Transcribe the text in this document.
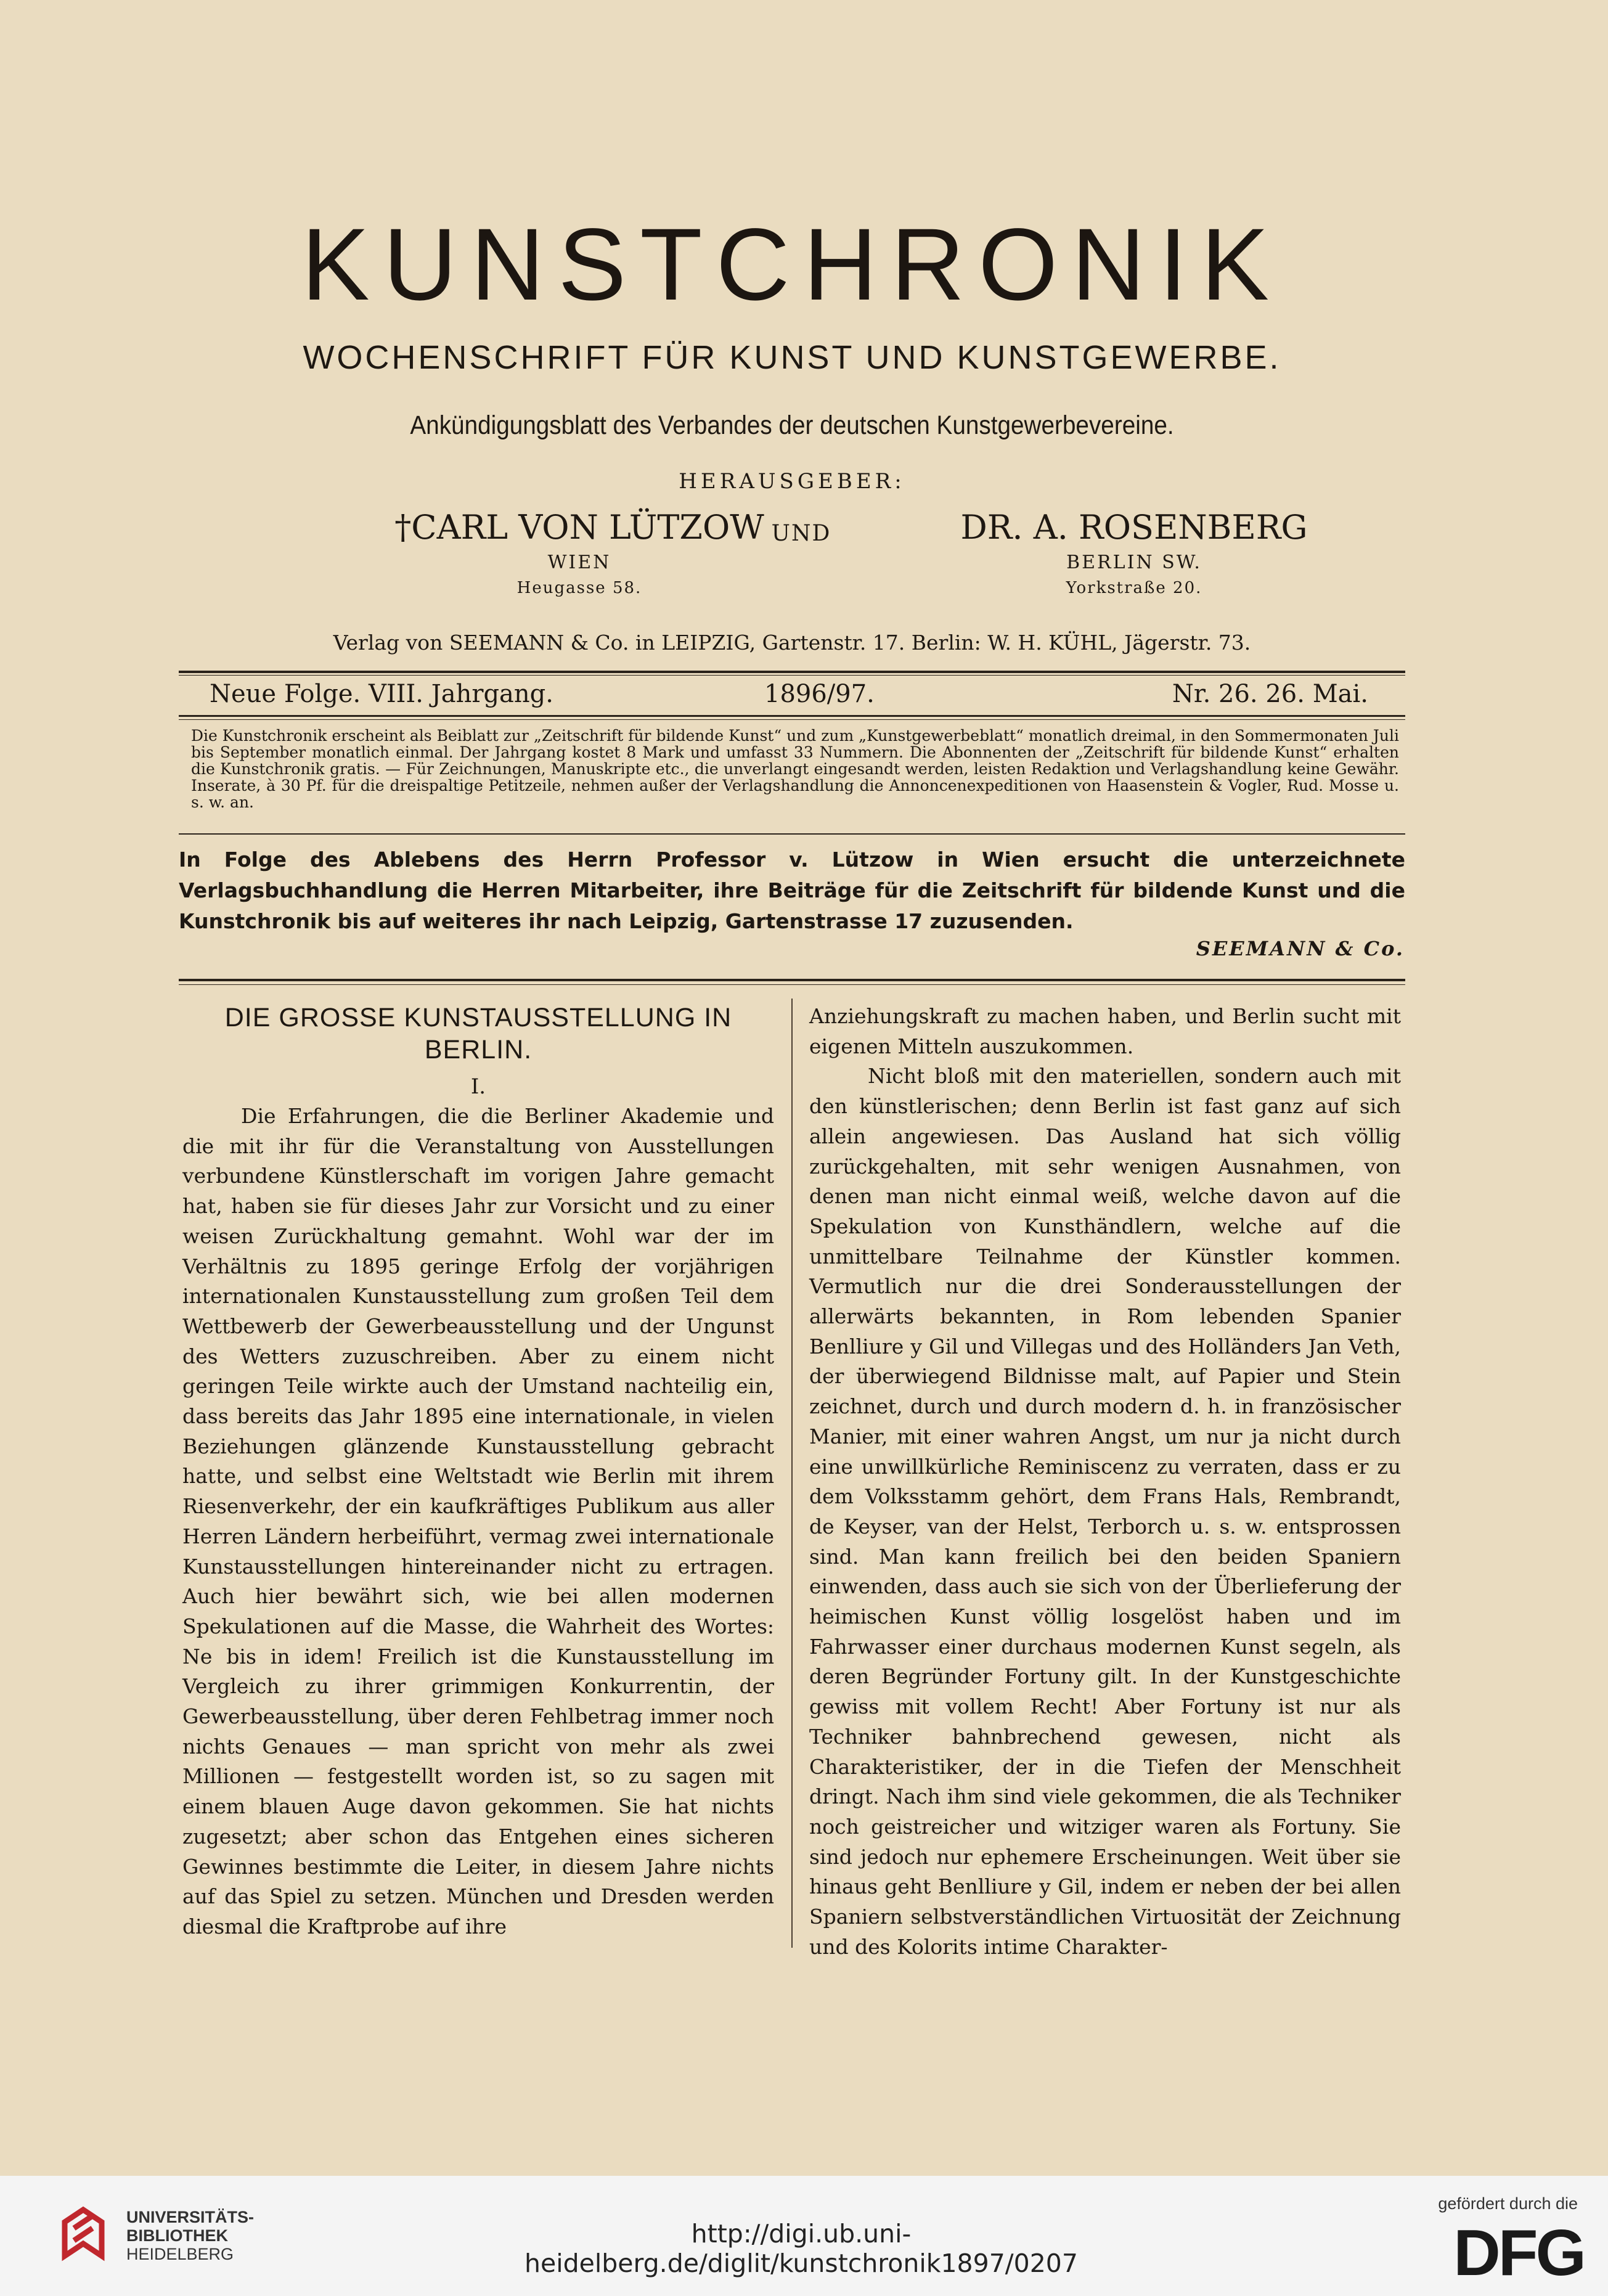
KUNSTCHRONIK
WOCHENSCHRIFT FÜR KUNST UND KUNSTGEWERBE.
Ankündigungsblatt des Verbandes der deutschen Kunstgewerbevereine.
HERAUSGEBER:
†CARL VON LÜTZOW
WIEN
Heugasse 58.
UND	DR. A. ROSENBERG
BERLIN SW.
Yorkstraße 20.
Verlag von SEEMANN & Co. in LEIPZIG, Gartenstr. 17. Berlin: W. H. KÜHL, Jägerstr. 73.
Neue Folge. VIII. Jahrgang.	1896/97.	Nr. 26. 26. Mai.
Die Kunstchronik erscheint als Beiblatt zur „Zeitschrift für bildende Kunst“ und zum „Kunstgewerbeblatt“ monatlich dreimal, in den Sommermonaten Juli bis September monatlich einmal. Der Jahrgang kostet 8 Mark und umfasst 33 Nummern. Die Abonnenten der „Zeitschrift für bildende Kunst“ erhalten die Kunstchronik gratis. — Für Zeichnungen, Manuskripte etc., die unverlangt eingesandt werden, leisten Redaktion und Verlagshandlung keine Gewähr. Inserate, à 30 Pf. für die dreispaltige Petitzeile, nehmen außer der Verlagshandlung die Annoncenexpeditionen von Haasenstein & Vogler, Rud. Mosse u. s. w. an.
In Folge des Ablebens des Herrn Professor v. Lützow in Wien ersucht die unterzeichnete Verlagsbuchhandlung die Herren Mitarbeiter, ihre Beiträge für die Zeitschrift für bildende Kunst und die Kunstchronik bis auf weiteres ihr nach Leipzig, Gartenstrasse 17 zuzusenden.
SEEMANN & Co.
DIE GROSSE KUNSTAUSSTELLUNG IN BERLIN.
I.

Die Erfahrungen, die die Berliner Akademie und die mit ihr für die Veranstaltung von Ausstellungen verbundene Künstlerschaft im vorigen Jahre gemacht hat, haben sie für dieses Jahr zur Vorsicht und zu einer weisen Zurückhaltung gemahnt. Wohl war der im Verhältnis zu 1895 geringe Erfolg der vorjährigen internationalen Kunstausstellung zum großen Teil dem Wettbewerb der Gewerbeausstellung und der Ungunst des Wetters zuzuschreiben. Aber zu einem nicht geringen Teile wirkte auch der Umstand nachteilig ein, dass bereits das Jahr 1895 eine internationale, in vielen Beziehungen glänzende Kunstausstellung gebracht hatte, und selbst eine Weltstadt wie Berlin mit ihrem Riesenverkehr, der ein kaufkräftiges Publikum aus aller Herren Ländern herbeiführt, vermag zwei internationale Kunstausstellungen hintereinander nicht zu ertragen. Auch hier bewährt sich, wie bei allen modernen Spekulationen auf die Masse, die Wahrheit des Wortes: Ne bis in idem! Freilich ist die Kunstausstellung im Vergleich zu ihrer grimmigen Konkurrentin, der Gewerbeausstellung, über deren Fehlbetrag immer noch nichts Genaues — man spricht von mehr als zwei Millionen — festgestellt worden ist, so zu sagen mit einem blauen Auge davon gekommen. Sie hat nichts zugesetzt; aber schon das Entgehen eines sicheren Gewinnes bestimmte die Leiter, in diesem Jahre nichts auf das Spiel zu setzen. München und Dresden werden diesmal die Kraftprobe auf ihre

Anziehungskraft zu machen haben, und Berlin sucht mit eigenen Mitteln auszukommen.

Nicht bloß mit den materiellen, sondern auch mit den künstlerischen; denn Berlin ist fast ganz auf sich allein angewiesen. Das Ausland hat sich völlig zurückgehalten, mit sehr wenigen Ausnahmen, von denen man nicht einmal weiß, welche davon auf die Spekulation von Kunsthändlern, welche auf die unmittelbare Teilnahme der Künstler kommen. Vermutlich nur die drei Sonderausstellungen der allerwärts bekannten, in Rom lebenden Spanier Benlliure y Gil und Villegas und des Holländers Jan Veth, der überwiegend Bildnisse malt, auf Papier und Stein zeichnet, durch und durch modern d. h. in französischer Manier, mit einer wahren Angst, um nur ja nicht durch eine unwillkürliche Reminiscenz zu verraten, dass er zu dem Volksstamm gehört, dem Frans Hals, Rembrandt, de Keyser, van der Helst, Terborch u. s. w. entsprossen sind. Man kann freilich bei den beiden Spaniern einwenden, dass auch sie sich von der Überlieferung der heimischen Kunst völlig losgelöst haben und im Fahrwasser einer durchaus modernen Kunst segeln, als deren Begründer Fortuny gilt. In der Kunstgeschichte gewiss mit vollem Recht! Aber Fortuny ist nur als Techniker bahnbrechend gewesen, nicht als Charakteristiker, der in die Tiefen der Menschheit dringt. Nach ihm sind viele gekommen, die als Techniker noch geistreicher und witziger waren als Fortuny. Sie sind jedoch nur ephemere Erscheinungen. Weit über sie hinaus geht Benlliure y Gil, indem er neben der bei allen Spaniern selbstverständlichen Virtuosität der Zeichnung und des Kolorits intime Charakter-

UNIVERSITÄTS-
BIBLIOTHEK
HEIDELBERG
http://digi.ub.uni-heidelberg.de/diglit/kunstchronik1897/0207
gefördert durch die
DFG
